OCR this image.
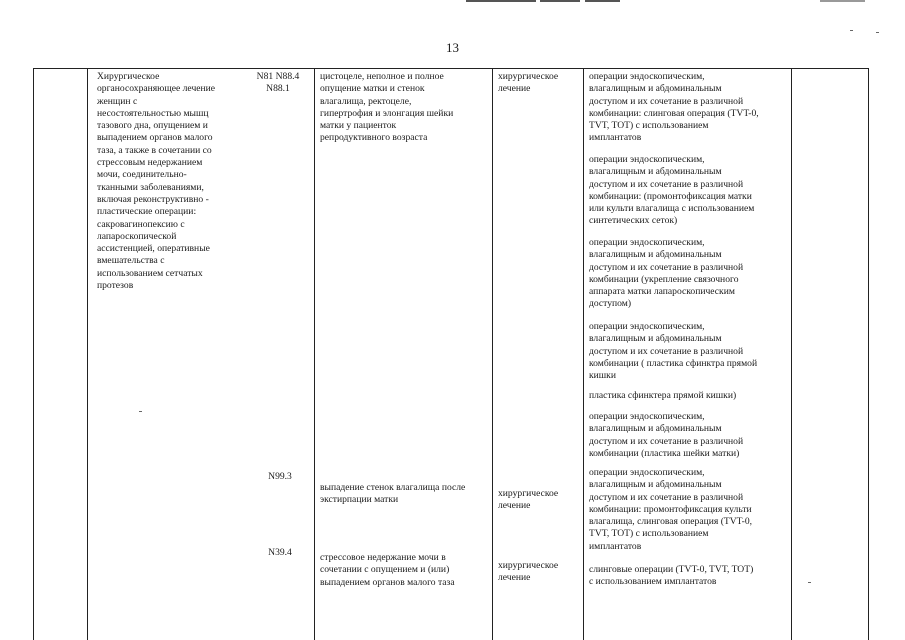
13
Хирургическое
органосохраняющее лечение
женщин с
несостоятельностью мышц
тазового дна, опущением и
выпадением органов малого
таза, а также в сочетании со
стрессовым недержанием
мочи, соединительно-
тканными заболеваниями,
включая реконструктивно -
пластические операции:
сакровагинопексию с
лапароскопической
ассистенцией, оперативные
вмешательства с
использованием сетчатых
протезов
N81 N88.4
N88.1
цистоцеле, неполное и полное
опущение матки и стенок
влагалища, ректоцеле,
гипертрофия и элонгация шейки
матки у пациенток
репродуктивного возраста
хирургическое
лечение
N99.3
выпадение стенок влагалища после
экстирпации матки
хирургическое
лечение
N39.4	стрессовое недержание мочи в
сочетании с опущением и (или)
выпадением органов малого таза
хирургическое
лечение
операции эндоскопическим,
влагалищным и абдоминальным
доступом и их сочетание в различной
комбинации: слинговая операция (TVT-0,
TVT, TOT) с использованием
имплантатов
операции эндоскопическим,
влагалищным и абдоминальным
доступом и их сочетание в различной
комбинации: (промонтофиксация матки
или культи влагалища с использованием
синтетических сеток)
операции эндоскопическим,
влагалищным и абдоминальным
доступом и их сочетание в различной
комбинации (укрепление связочного
аппарата матки лапароскопическим
доступом)
операции эндоскопическим,
влагалищным и абдоминальным
доступом и их сочетание в различной
комбинации ( пластика сфинктра прямой
кишки
пластика сфинктера прямой кишки)
операции эндоскопическим,
влагалищным и абдоминальным
доступом и их сочетание в различной
комбинации (пластика шейки матки)
операции эндоскопическим,
влагалищным и абдоминальным
доступом и их сочетание в различной
комбинации: промонтофиксация культи
влагалища, слинговая операция (TVT-0,
TVT, TOT) с использованием
имплантатов
слинговые операции (TVT-0, TVT, TOT)
с использованием имплантатов
